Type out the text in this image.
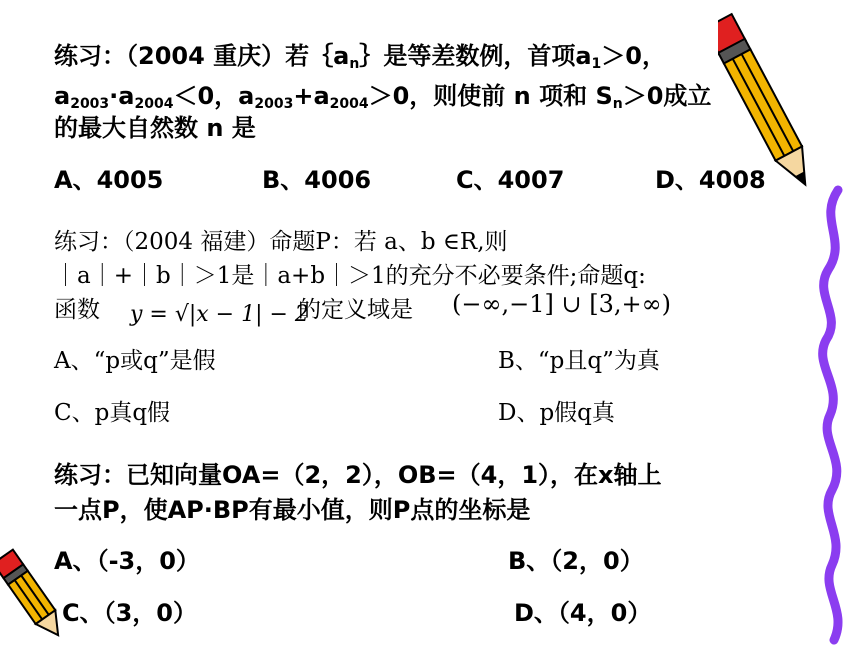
练习：（2004 重庆）若$\{a_n\}$是等差数例，首项$a_1>0$，
$a_{2003}\cdot a_{2004}<0$，$a_{2003}+a_{2004}>0$，则使前 n 项和 $S_n>0$成立
的最大自然数 n 是
A、4005	B、4006	C、4007	D、4008
练习：（2004 福建）命题P：若 a、b ∈R,则
｜a｜+｜b｜＞1是｜a+b｜＞1的充分不必要条件;命题q:
函数 y = √|x − 1| − 2
的定义域是 (−∞,−1] ∪ [3,+∞)
A、“p或q”是假	B、“p且q”为真
C、p真q假	D、p假q真
练习：已知向量OA=（2，2），OB=（4，1），在x轴上
一点P，使AP·BP有最小值，则P点的坐标是
A、（-3，0）	B、（2，0）
C、（3，0）	D、（4，0）
